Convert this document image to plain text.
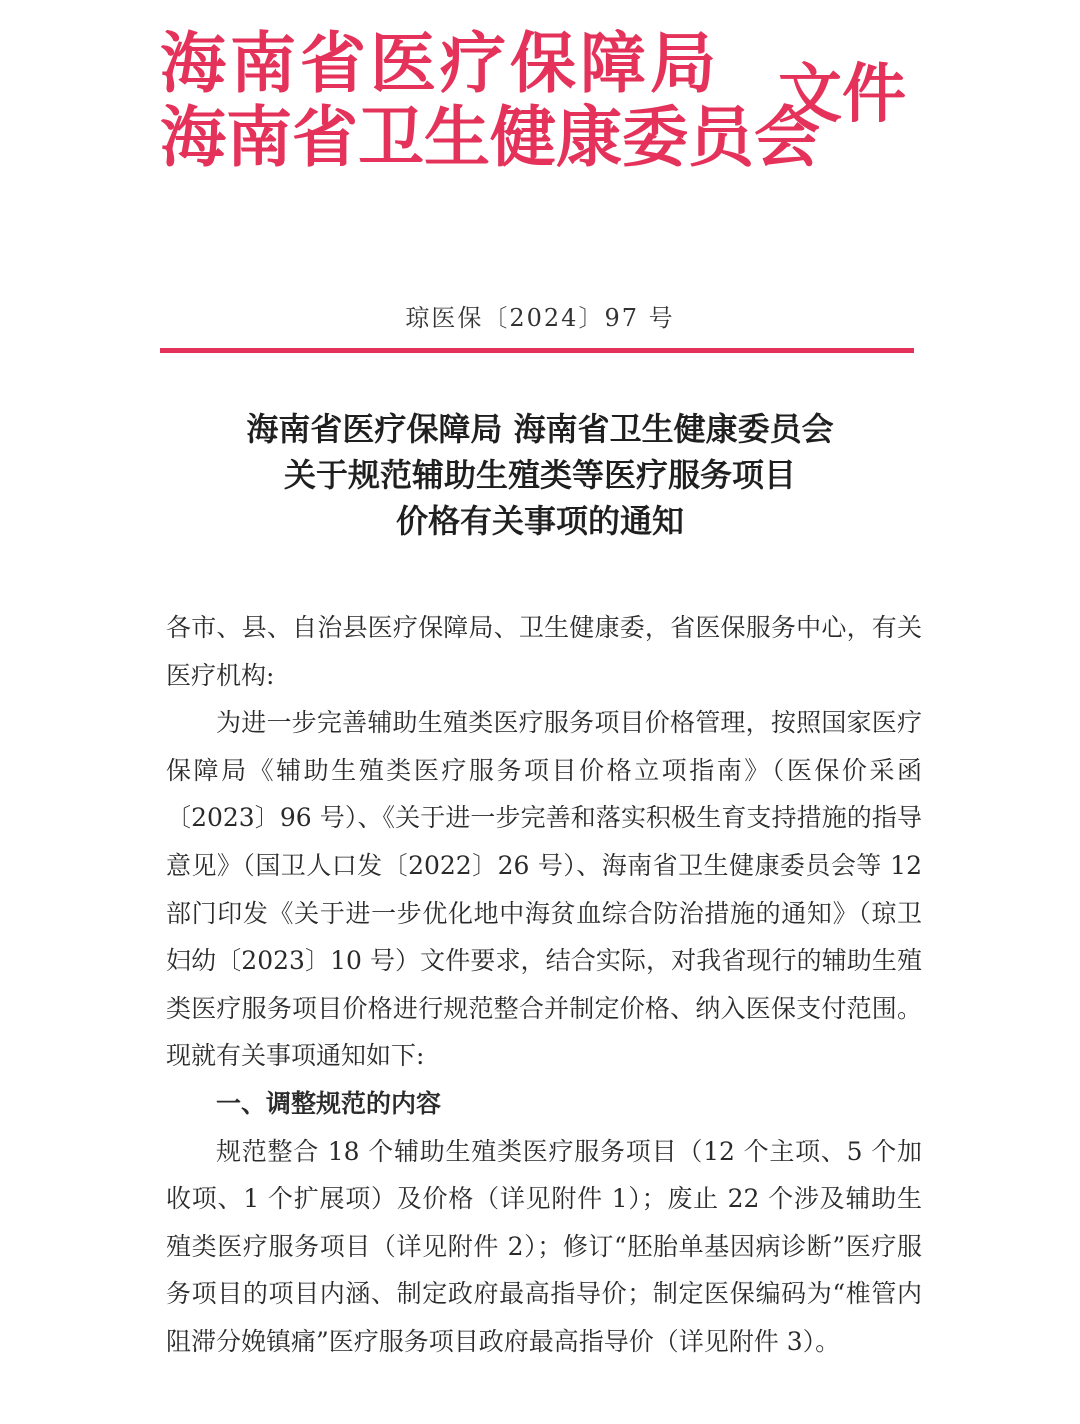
海南省医疗保障局
海南省卫生健康委员会
文件
琼医保〔2024〕97 号
海南省医疗保障局 海南省卫生健康委员会
关于规范辅助生殖类等医疗服务项目
价格有关事项的通知

各市、县、自治县医疗保障局、卫生健康委，省医保服务中心，有关医疗机构:

为进一步完善辅助生殖类医疗服务项目价格管理，按照国家医疗保障局《辅助生殖类医疗服务项目价格立项指南》（医保价采函〔2023〕96 号）、《关于进一步完善和落实积极生育支持措施的指导意见》（国卫人口发〔2022〕26 号）、海南省卫生健康委员会等 12 部门印发《关于进一步优化地中海贫血综合防治措施的通知》（琼卫妇幼〔2023〕10 号）文件要求，结合实际，对我省现行的辅助生殖类医疗服务项目价格进行规范整合并制定价格、纳入医保支付范围。现就有关事项通知如下:

一、调整规范的内容

规范整合 18 个辅助生殖类医疗服务项目（12 个主项、5 个加收项、1 个扩展项）及价格（详见附件 1）；废止 22 个涉及辅助生殖类医疗服务项目（详见附件 2）；修订“胚胎单基因病诊断”医疗服务项目的项目内涵、制定政府最高指导价；制定医保编码为“椎管内阻滞分娩镇痛”医疗服务项目政府最高指导价（详见附件 3）。
